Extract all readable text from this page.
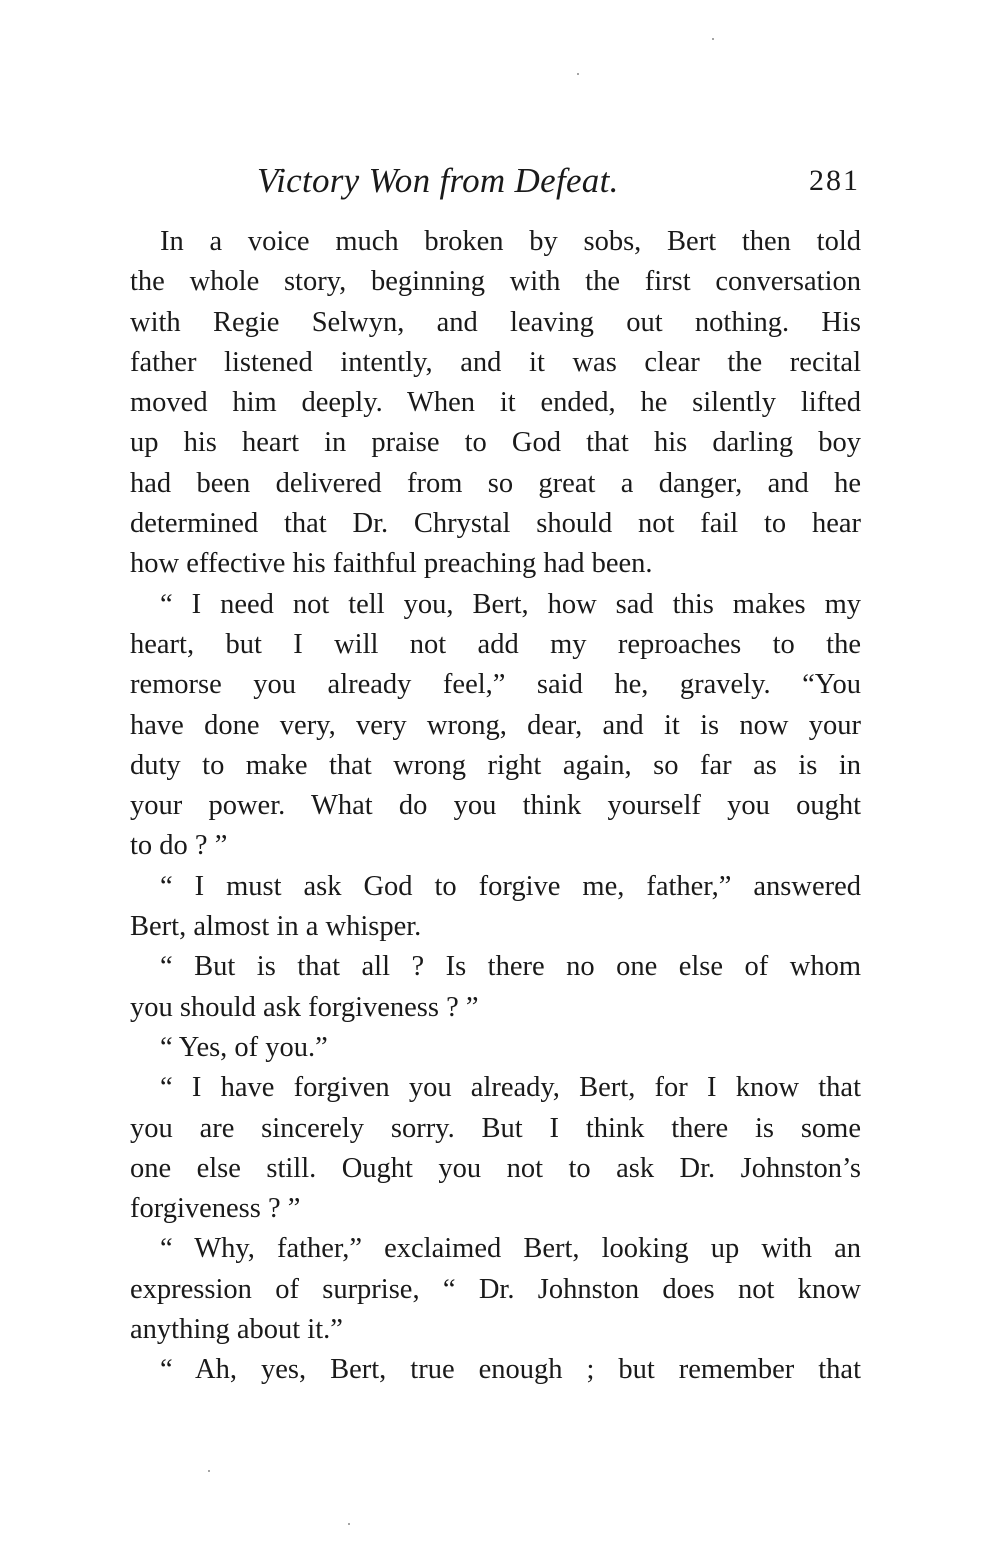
Victory Won from Defeat.	281
In a voice much broken by sobs, Bert then told
the whole story, beginning with the first conversation
with Regie Selwyn, and leaving out nothing. His
father listened intently, and it was clear the recital
moved him deeply. When it ended, he silently lifted
up his heart in praise to God that his darling boy
had been delivered from so great a danger, and he
determined that Dr. Chrystal should not fail to hear
how effective his faithful preaching had been.
“ I need not tell you, Bert, how sad this makes my
heart, but I will not add my reproaches to the
remorse you already feel,” said he, gravely. “You
have done very, very wrong, dear, and it is now your
duty to make that wrong right again, so far as is in
your power. What do you think yourself you ought
to do ? ”
“ I must ask God to forgive me, father,” answered
Bert, almost in a whisper.
“ But is that all ? Is there no one else of whom
you should ask forgiveness ? ”
“ Yes, of you.”
“ I have forgiven you already, Bert, for I know that
you are sincerely sorry. But I think there is some
one else still. Ought you not to ask Dr. Johnston’s
forgiveness ? ”
“ Why, father,” exclaimed Bert, looking up with an
expression of surprise, “ Dr. Johnston does not know
anything about it.”
“ Ah, yes, Bert, true enough ; but remember that
